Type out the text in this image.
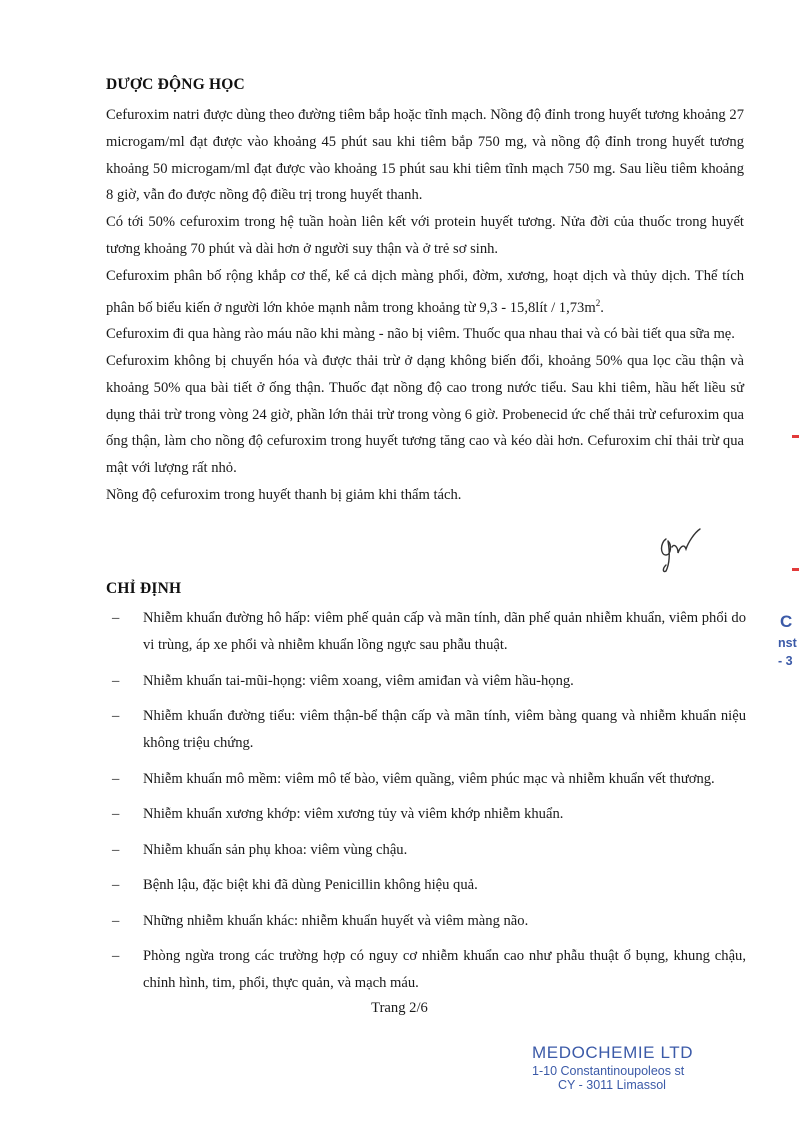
DƯỢC ĐỘNG HỌC

Cefuroxim natri được dùng theo đường tiêm bắp hoặc tĩnh mạch. Nồng độ đỉnh trong huyết tương khoảng 27 microgam/ml đạt được vào khoảng 45 phút sau khi tiêm bắp 750 mg, và nồng độ đỉnh trong huyết tương khoảng 50 microgam/ml đạt được vào khoảng 15 phút sau khi tiêm tĩnh mạch 750 mg. Sau liều tiêm khoảng 8 giờ, vẫn đo được nồng độ điều trị trong huyết thanh.

Có tới 50% cefuroxim trong hệ tuần hoàn liên kết với protein huyết tương. Nửa đời của thuốc trong huyết tương khoảng 70 phút và dài hơn ở người suy thận và ở trẻ sơ sinh.

Cefuroxim phân bố rộng khắp cơ thể, kể cả dịch màng phổi, đờm, xương, hoạt dịch và thủy dịch. Thể tích phân bố biểu kiến ở người lớn khỏe mạnh nằm trong khoảng từ 9,3 - 15,8lít / $1,73m^2$.

Cefuroxim đi qua hàng rào máu não khi màng - não bị viêm. Thuốc qua nhau thai và có bài tiết qua sữa mẹ.

Cefuroxim không bị chuyển hóa và được thải trừ ở dạng không biến đổi, khoảng 50% qua lọc cầu thận và khoảng 50% qua bài tiết ở ống thận. Thuốc đạt nồng độ cao trong nước tiểu. Sau khi tiêm, hầu hết liều sử dụng thải trừ trong vòng 24 giờ, phần lớn thải trừ trong vòng 6 giờ. Probenecid ức chế thải trừ cefuroxim qua ống thận, làm cho nồng độ cefuroxim trong huyết tương tăng cao và kéo dài hơn. Cefuroxim chỉ thải trừ qua mật với lượng rất nhỏ.

Nồng độ cefuroxim trong huyết thanh bị giảm khi thẩm tách.

CHỈ ĐỊNH
– Nhiễm khuẩn đường hô hấp: viêm phế quản cấp và mãn tính, dãn phế quản nhiễm khuẩn, viêm phổi do vi trùng, áp xe phổi và nhiễm khuẩn lồng ngực sau phẫu thuật.
– Nhiễm khuẩn tai-mũi-họng: viêm xoang, viêm amiđan và viêm hầu-họng.
– Nhiễm khuẩn đường tiểu: viêm thận-bể thận cấp và mãn tính, viêm bàng quang và nhiễm khuẩn niệu không triệu chứng.
– Nhiễm khuẩn mô mềm: viêm mô tế bào, viêm quầng, viêm phúc mạc và nhiễm khuẩn vết thương.
– Nhiễm khuẩn xương khớp: viêm xương tủy và viêm khớp nhiễm khuẩn.
– Nhiễm khuẩn sản phụ khoa: viêm vùng chậu.
– Bệnh lậu, đặc biệt khi đã dùng Penicillin không hiệu quả.
– Những nhiễm khuẩn khác: nhiễm khuẩn huyết và viêm màng não.
– Phòng ngừa trong các trường hợp có nguy cơ nhiễm khuẩn cao như phẫu thuật ổ bụng, khung chậu, chỉnh hình, tim, phổi, thực quản, và mạch máu.
Trang 2/6
MEDOCHEMIE LTD
1-10 Constantinoupoleos st
CY - 3011 Limassol
C
nst
- 3
